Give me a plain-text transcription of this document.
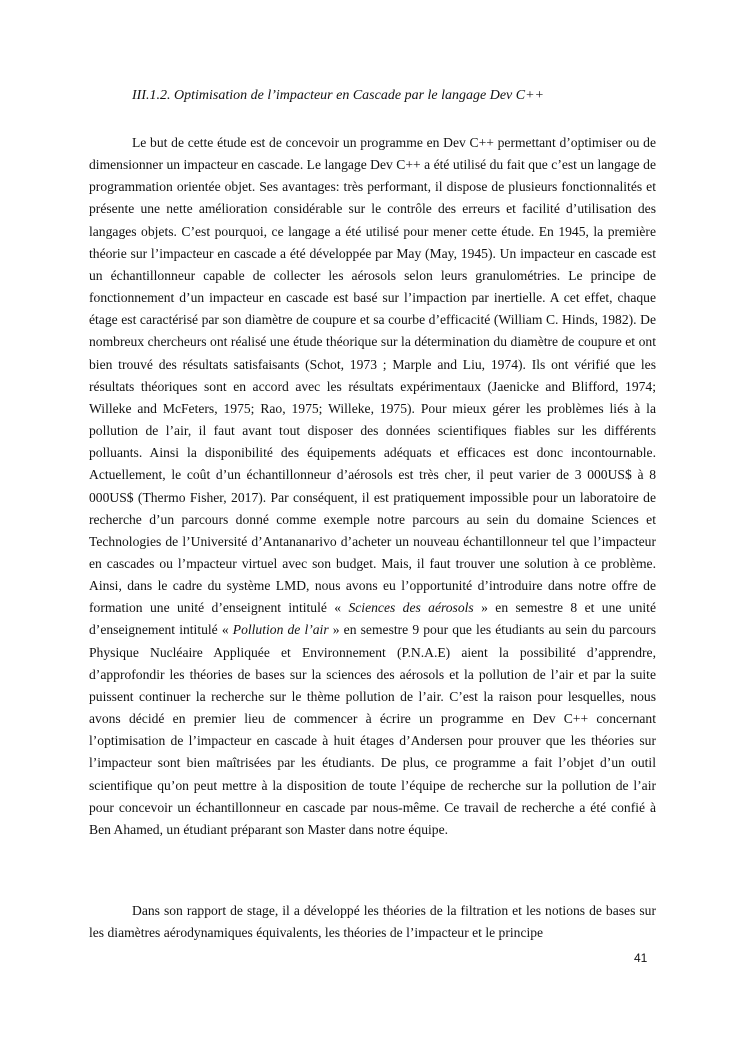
III.1.2. Optimisation de l’impacteur en Cascade par le langage Dev C++

Le but de cette étude est de concevoir un programme en Dev C++ permettant d’optimiser ou de dimensionner un impacteur en cascade. Le langage Dev C++ a été utilisé du fait que c’est un langage de programmation orientée objet. Ses avantages: très performant, il dispose de plusieurs fonctionnalités et présente une nette amélioration considérable sur le contrôle des erreurs et facilité d’utilisation des langages objets. C’est pourquoi, ce langage a été utilisé pour mener cette étude. En 1945, la première théorie sur l’impacteur en cascade a été développée par May (May, 1945). Un impacteur en cascade est un échantillonneur capable de collecter les aérosols selon leurs granulométries. Le principe de fonctionnement d’un impacteur en cascade est basé sur l’impaction par inertielle. A cet effet, chaque étage est caractérisé par son diamètre de coupure et sa courbe d’efficacité (William C. Hinds, 1982). De nombreux chercheurs ont réalisé une étude théorique sur la détermination du diamètre de coupure et ont bien trouvé des résultats satisfaisants (Schot, 1973 ; Marple and Liu, 1974). Ils ont vérifié que les résultats théoriques sont en accord avec les résultats expérimentaux (Jaenicke and Blifford, 1974; Willeke and McFeters, 1975; Rao, 1975; Willeke, 1975). Pour mieux gérer les problèmes liés à la pollution de l’air, il faut avant tout disposer des données scientifiques fiables sur les différents polluants. Ainsi la disponibilité des équipements adéquats et efficaces est donc incontournable. Actuellement, le coût d’un échantillonneur d’aérosols est très cher, il peut varier de 3 000US$ à 8 000US$ (Thermo Fisher, 2017). Par conséquent, il est pratiquement impossible pour un laboratoire de recherche d’un parcours donné comme exemple notre parcours au sein du domaine Sciences et Technologies de l’Université d’Antananarivo d’acheter un nouveau échantillonneur tel que l’impacteur en cascades ou l’mpacteur virtuel avec son budget. Mais, il faut trouver une solution à ce problème. Ainsi, dans le cadre du système LMD, nous avons eu l’opportunité d’introduire dans notre offre de formation une unité d’enseignent intitulé « Sciences des aérosols » en semestre 8 et une unité d’enseignement intitulé « Pollution de l’air » en semestre 9 pour que les étudiants au sein du parcours Physique Nucléaire Appliquée et Environnement (P.N.A.E) aient la possibilité d’apprendre, d’approfondir les théories de bases sur la sciences des aérosols et la pollution de l’air et par la suite puissent continuer la recherche sur le thème pollution de l’air. C’est la raison pour lesquelles, nous avons décidé en premier lieu de commencer à écrire un programme en Dev C++ concernant l’optimisation de l’impacteur en cascade à huit étages d’Andersen pour prouver que les théories sur l’impacteur sont bien maîtrisées par les étudiants. De plus, ce programme a fait l’objet d’un outil scientifique qu’on peut mettre à la disposition de toute l’équipe de recherche sur la pollution de l’air pour concevoir un échantillonneur en cascade par nous-même. Ce travail de recherche a été confié à Ben Ahamed, un étudiant préparant son Master dans notre équipe.

Dans son rapport de stage, il a développé les théories de la filtration et les notions de bases sur les diamètres aérodynamiques équivalents, les théories de l’impacteur et le principe

41
